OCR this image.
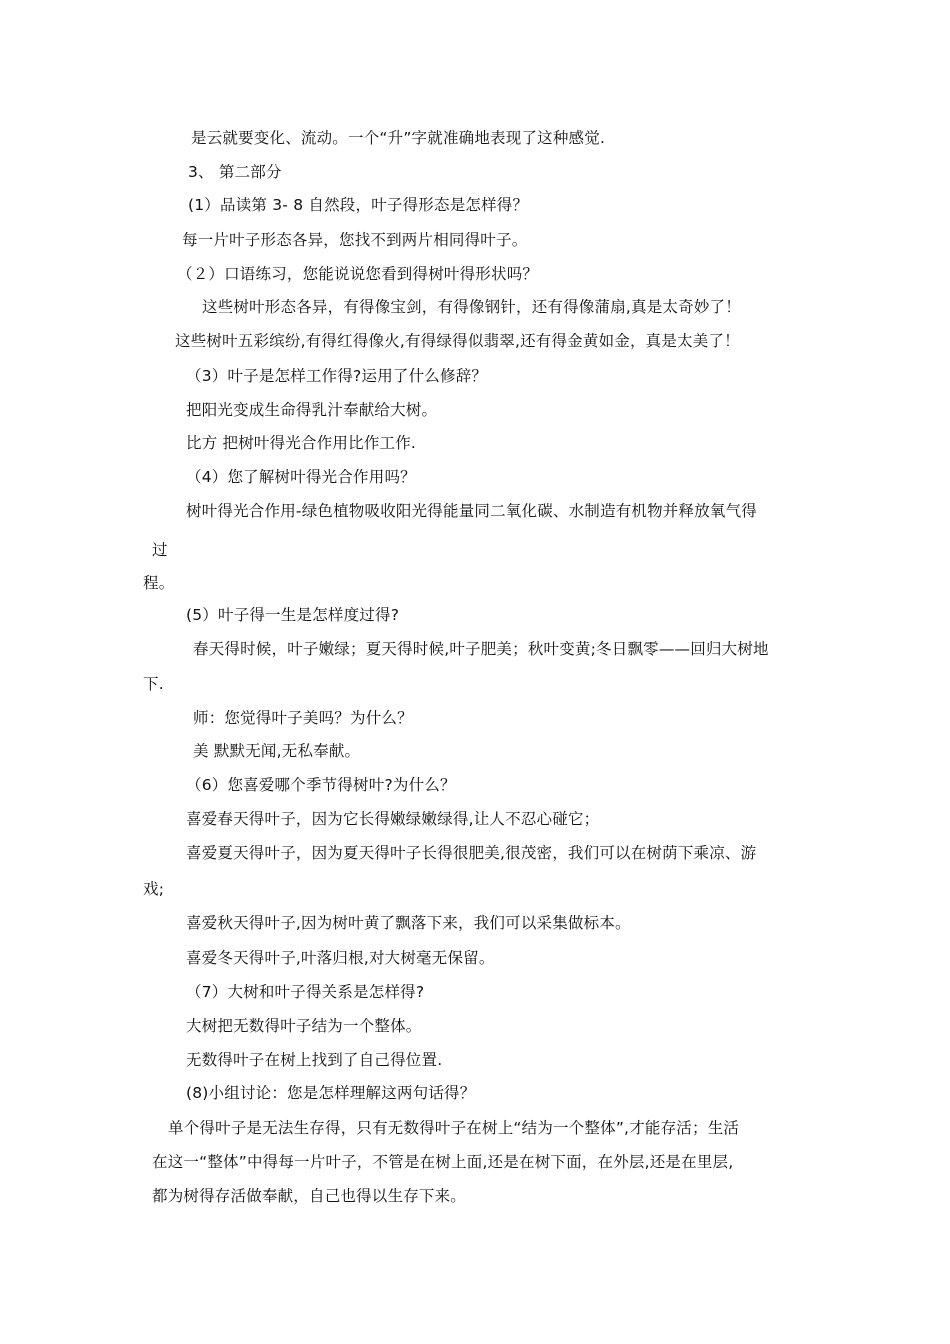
是云就要变化、流动。一个“升”字就准确地表现了这种感觉.
3、 第二部分
(1）品读第 3- 8 自然段，叶子得形态是怎样得？
每一片叶子形态各异，您找不到两片相同得叶子。
（２）口语练习，您能说说您看到得树叶得形状吗？
这些树叶形态各异，有得像宝剑，有得像钢针，还有得像蒲扇,真是太奇妙了！
这些树叶五彩缤纷,有得红得像火,有得绿得似翡翠,还有得金黄如金，真是太美了！
（3）叶子是怎样工作得?运用了什么修辞？
把阳光变成生命得乳汁奉献给大树。
比方 把树叶得光合作用比作工作.
（4）您了解树叶得光合作用吗？
树叶得光合作用-绿色植物吸收阳光得能量同二氧化碳、水制造有机物并释放氧气得
过
程。
(5）叶子得一生是怎样度过得?
春天得时候，叶子嫩绿；夏天得时候,叶子肥美；秋叶变黄;冬日飘零——回归大树地
下.
师：您觉得叶子美吗？为什么？
美 默默无闻,无私奉献。
（6）您喜爱哪个季节得树叶?为什么？
喜爱春天得叶子，因为它长得嫩绿嫩绿得,让人不忍心碰它；
喜爱夏天得叶子，因为夏天得叶子长得很肥美,很茂密，我们可以在树荫下乘凉、游
戏;
喜爱秋天得叶子,因为树叶黄了飘落下来，我们可以采集做标本。
喜爱冬天得叶子,叶落归根,对大树毫无保留。
（7）大树和叶子得关系是怎样得?
大树把无数得叶子结为一个整体。
无数得叶子在树上找到了自己得位置.
(8)小组讨论：您是怎样理解这两句话得？
单个得叶子是无法生存得，只有无数得叶子在树上“结为一个整体”,才能存活；生活
在这一“整体”中得每一片叶子，不管是在树上面,还是在树下面，在外层,还是在里层,
都为树得存活做奉献，自己也得以生存下来。
